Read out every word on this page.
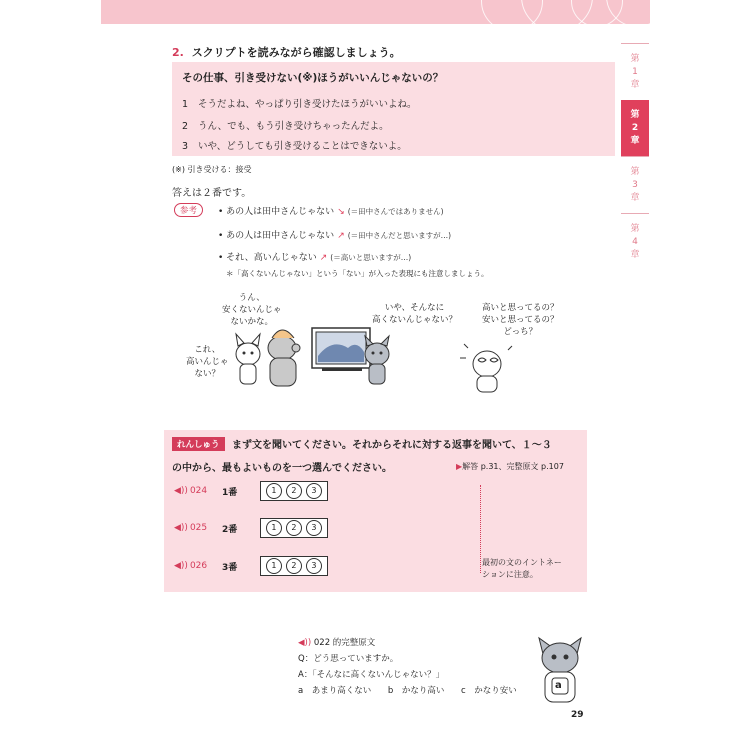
第
1
章
第
2
章
第
3
章
第
4
章
2. スクリプトを読みながら確認しましょう。
その仕事、引き受けない(※)ほうがいいんじゃないの？
1 そうだよね、やっぱり引き受けたほうがいいよね。
2 うん、でも、もう引き受けちゃったんだよ。
3 いや、どうしても引き受けることはできないよ。
(※) 引き受ける：接受
答えは２番です。
参考	• あの人は田中さんじゃない ↘ (＝田中さんではありません)
• あの人は田中さんじゃない ↗ (＝田中さんだと思いますが…)
• それ、高いんじゃない ↗ (＝高いと思いますが…)
＊「高くないんじゃない」という「ない」が入った表現にも注意しましょう。
これ、
高いんじゃ
ない？
うん、
安くないんじゃ
ないかな。
いや、そんなに
高くないんじゃない？
高いと思ってるの？
安いと思ってるの？
どっち？
れんしゅう	まず文を聞いてください。それからそれに対する返事を聞いて、１～３
の中から、最もよいものを一つ選んでください。	▶解答 p.31、完整原文 p.107
◀)) 024	1番	1	2	3
◀)) 025	2番	1	2	3
◀)) 026	3番	1	2	3	最初の文のイントネー
ションに注意。
◀)) 022 的完整原文
Q：どう思っていますか。
A：「そんなに高くないんじゃない？」
a　あまり高くない b　かなり高い c　かなり安い	a
29
